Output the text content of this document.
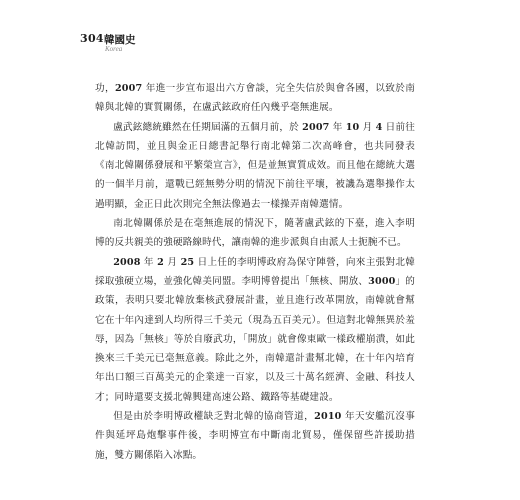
304 韓國史
Korea

功，2007 年進一步宣布退出六方會談，完全失信於與會各國，以致於南韓與北韓的實質關係，在盧武鉉政府任內幾乎毫無進展。

盧武鉉總統雖然在任期屆滿的五個月前，於 2007 年 10 月 4 日前往北韓訪問，並且與金正日總書記舉行南北韓第二次高峰會，也共同發表《南北韓關係發展和平繁榮宣言》，但是並無實質成效。而且他在總統大選的一個半月前，還戰已經無勢分明的情況下前往平壤，被譏為選舉操作太過明顯，金正日此次則完全無法像過去一樣操弄南韓選情。

南北韓關係於是在毫無進展的情況下，隨著盧武鉉的下臺，進入李明博的反共親美的強硬路線時代，讓南韓的進步派與自由派人士扼腕不已。

2008 年 2 月 25 日上任的李明博政府為保守陣營，向來主張對北韓採取強硬立場，並強化韓美同盟。李明博曾提出「無核、開放、3000」的政策，表明只要北韓放棄核武發展計畫，並且進行改革開放，南韓就會幫它在十年內達到人均所得三千美元（現為五百美元）。但這對北韓無異於羞辱，因為「無核」等於自廢武功，「開放」就會像東歐一樣政權崩潰，如此換來三千美元已毫無意義。除此之外，南韓還計畫幫北韓，在十年內培育年出口額三百萬美元的企業達一百家，以及三十萬名經濟、金融、科技人才；同時還要支援北韓興建高速公路、鐵路等基礎建設。

但是由於李明博政權缺乏對北韓的協商管道，2010 年天安艦沉沒事件與延坪島炮擊事件後，李明博宣布中斷南北貿易，僅保留些許援助措施，雙方關係陷入冰點。
